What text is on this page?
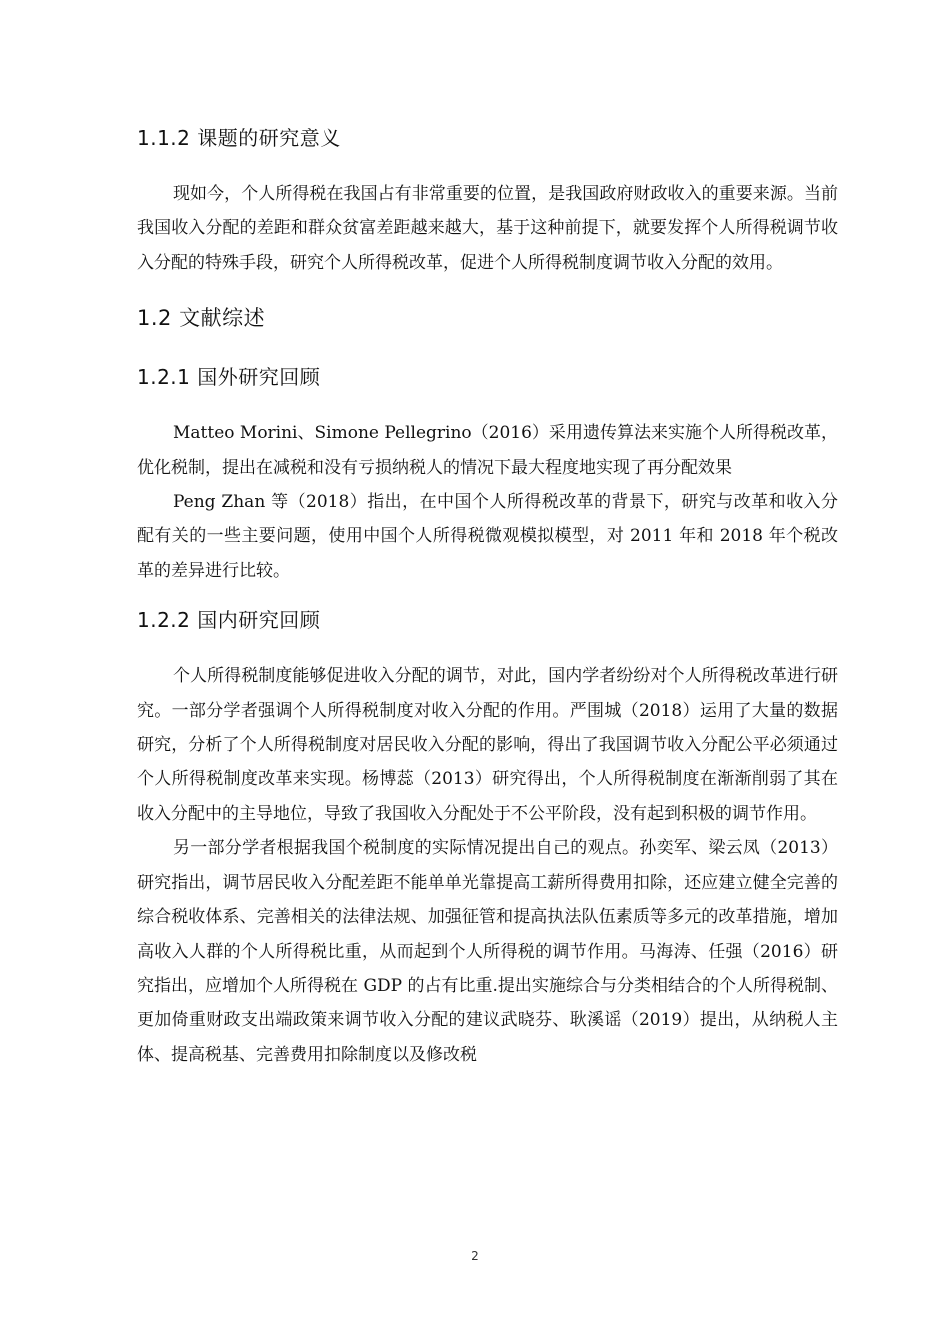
1.1.2 课题的研究意义

现如今，个人所得税在我国占有非常重要的位置，是我国政府财政收入的重要来源。当前我国收入分配的差距和群众贫富差距越来越大，基于这种前提下，就要发挥个人所得税调节收入分配的特殊手段，研究个人所得税改革，促进个人所得税制度调节收入分配的效用。

1.2 文献综述
1.2.1 国外研究回顾

Matteo Morini、Simone Pellegrino（2016）采用遗传算法来实施个人所得税改革，优化税制，提出在减税和没有亏损纳税人的情况下最大程度地实现了再分配效果

Peng Zhan 等（2018）指出，在中国个人所得税改革的背景下，研究与改革和收入分配有关的一些主要问题，使用中国个人所得税微观模拟模型，对 2011 年和 2018 年个税改革的差异进行比较。

1.2.2 国内研究回顾

个人所得税制度能够促进收入分配的调节，对此，国内学者纷纷对个人所得税改革进行研究。一部分学者强调个人所得税制度对收入分配的作用。严围城（2018）运用了大量的数据研究，分析了个人所得税制度对居民收入分配的影响，得出了我国调节收入分配公平必须通过个人所得税制度改革来实现。杨博蕊（2013）研究得出，个人所得税制度在渐渐削弱了其在收入分配中的主导地位，导致了我国收入分配处于不公平阶段，没有起到积极的调节作用。

另一部分学者根据我国个税制度的实际情况提出自己的观点。孙奕军、梁云凤（2013）研究指出，调节居民收入分配差距不能单单光靠提高工薪所得费用扣除，还应建立健全完善的综合税收体系、完善相关的法律法规、加强征管和提高执法队伍素质等多元的改革措施，增加高收入人群的个人所得税比重，从而起到个人所得税的调节作用。马海涛、任强（2016）研究指出，应增加个人所得税在 GDP 的占有比重.提出实施综合与分类相结合的个人所得税制、更加倚重财政支出端政策来调节收入分配的建议武晓芬、耿溪谣（2019）提出，从纳税人主体、提高税基、完善费用扣除制度以及修改税

2
